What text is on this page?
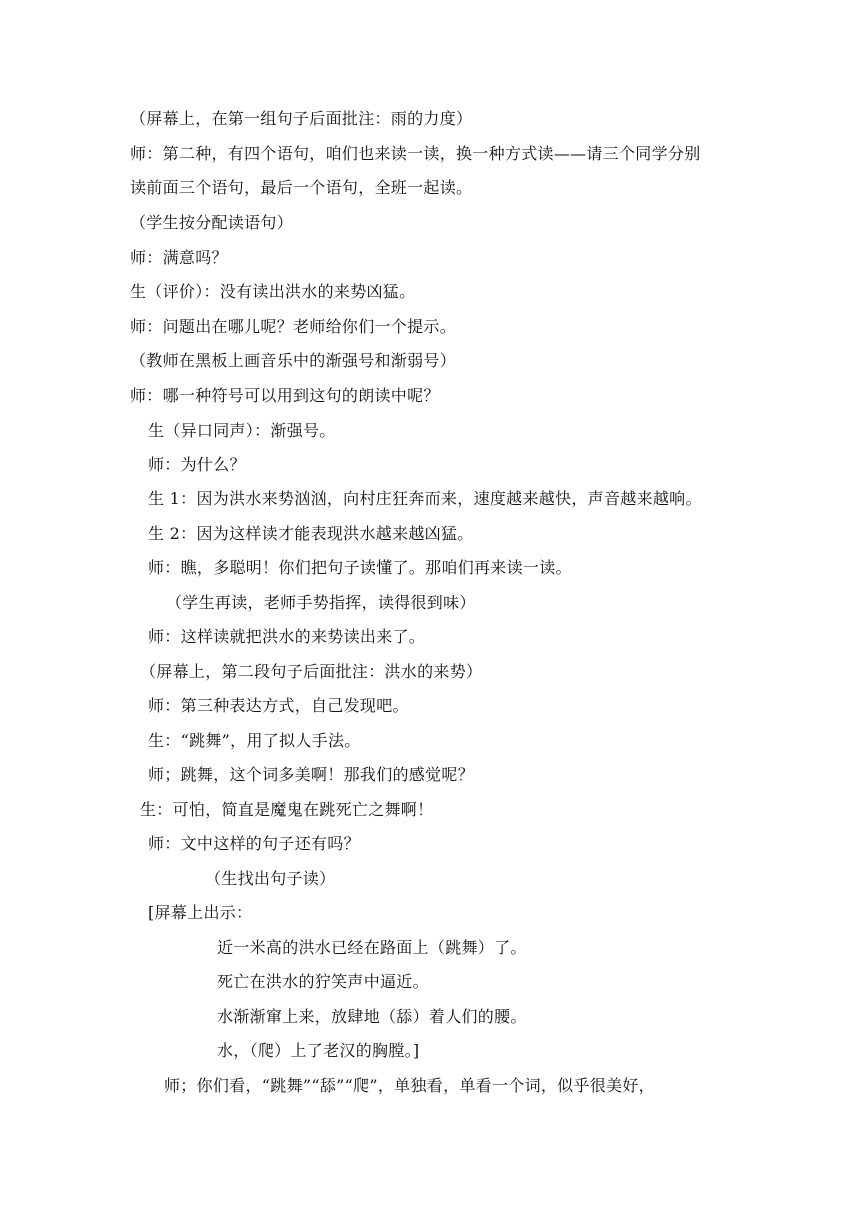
（屏幕上，在第一组句子后面批注：雨的力度）
师：第二种，有四个语句，咱们也来读一读，换一种方式读——请三个同学分别
读前面三个语句，最后一个语句，全班一起读。
（学生按分配读语句）
师：满意吗？
生（评价）：没有读出洪水的来势凶猛。
师：问题出在哪儿呢？老师给你们一个提示。
（教师在黑板上画音乐中的渐强号和渐弱号）
师：哪一种符号可以用到这句的朗读中呢？
生（异口同声）：渐强号。
师：为什么？
生 1：因为洪水来势汹汹，向村庄狂奔而来，速度越来越快，声音越来越响。
生 2：因为这样读才能表现洪水越来越凶猛。
师：瞧，多聪明！你们把句子读懂了。那咱们再来读一读。
（学生再读，老师手势指挥，读得很到味）
师：这样读就把洪水的来势读出来了。
（屏幕上，第二段句子后面批注：洪水的来势）
师：第三种表达方式，自己发现吧。
生：“跳舞”，用了拟人手法。
师；跳舞，这个词多美啊！那我们的感觉呢？
生：可怕，简直是魔鬼在跳死亡之舞啊！
师：文中这样的句子还有吗？
（生找出句子读）
[屏幕上出示：
近一米高的洪水已经在路面上（跳舞）了。
死亡在洪水的狞笑声中逼近。
水渐渐窜上来，放肆地（舔）着人们的腰。
水，（爬）上了老汉的胸膛。]
师；你们看，“跳舞”“舔”“爬”，单独看，单看一个词，似乎很美好，
